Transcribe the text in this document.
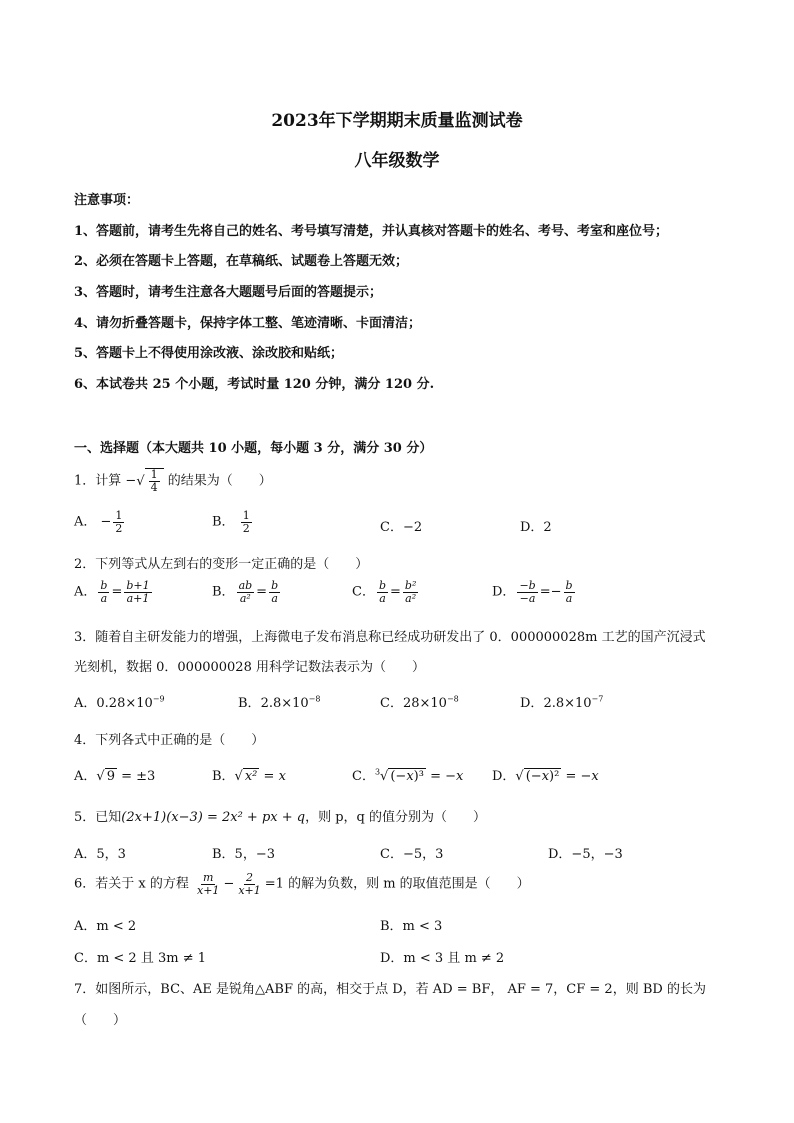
2023年下学期期末质量监测试卷
八年级数学
注意事项：
1、答题前，请考生先将自己的姓名、考号填写清楚，并认真核对答题卡的姓名、考号、考室和座位号；
2、必须在答题卡上答题，在草稿纸、试题卷上答题无效；
3、答题时，请考生注意各大题题号后面的答题提示；
4、请勿折叠答题卡，保持字体工整、笔迹清晰、卡面清洁；
5、答题卡上不得使用涂改液、涂改胶和贴纸；
6、本试卷共 25 个小题，考试时量 120 分钟，满分 120 分.
一、选择题（本大题共 10 小题，每小题 3 分，满分 30 分）
1．计算 −√ $\frac{1}{4}$ 的结果为（　　）
A． − $\frac{1}{2}$	B． $\frac{1}{2}$	C．−2	D．2
2．下列等式从左到右的变形一定正确的是（　　）
A． $\frac{b}{a} = \frac{b+1}{a+1}$	B． $\frac{ab}{\text{a²}} = \frac{b}{a}$	C． $\frac{b}{a} = \frac{\text{b²}}{\text{a²}}$	D． $\frac{-b}{-a} =- \frac{b}{a}$
3．随着自主研发能力的增强，上海微电子发布消息称已经成功研发出了 0．000000028m 工艺的国产沉浸式
光刻机，数据 0．000000028 用科学记数法表示为（　　）
A．$0.28\times 10^{-9}$	B．$2.8\times 10^{-8}$	C．$28\times 10^{-8}$	D．$2.8\times 10^{-7}$
4．下列各式中正确的是（　　）
A．√ 9 = ±3	B．√ x² = x	C．$^3$√ (−x)³ = −x D．√ (−x)² = −x
5．已知(2x+1)(x−3) = 2x² + px + q，则 p，q 的值分别为（　　）
A．5，3	B．5，−3	C．−5，3	D．−5，−3
6．若关于 x 的方程 $\frac{m}{x+1} - \frac{2}{x+1} =1$ 的解为负数，则 m 的取值范围是（　　）
A．m < 2	B．m < 3
C．m < 2 且 3m ≠ 1	D．m < 3 且 m ≠ 2
7．如图所示，BC、AE 是锐角△ABF 的高，相交于点 D，若 AD = BF， AF = 7，CF = 2，则 BD 的长为
（　　）
